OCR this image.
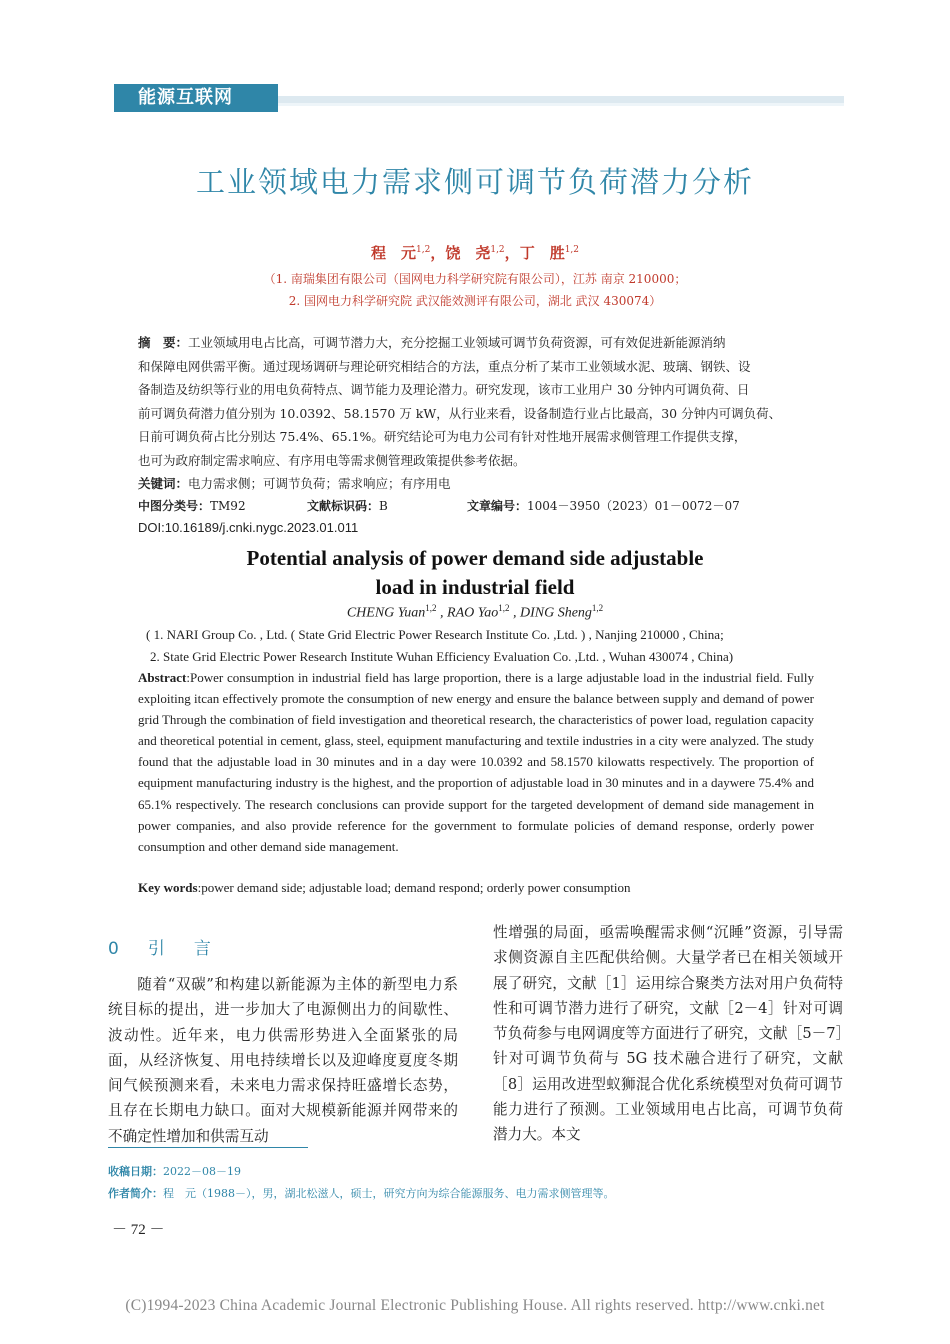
能源互联网
工业领域电力需求侧可调节负荷潜力分析
程　元$^{1,2}$，饶　尧$^{1,2}$，丁　胜$^{1,2}$
（1. 南瑞集团有限公司（国网电力科学研究院有限公司），江苏 南京 210000；
2. 国网电力科学研究院 武汉能效测评有限公司，湖北 武汉 430074）
摘　要：工业领域用电占比高，可调节潜力大，充分挖掘工业领域可调节负荷资源，可有效促进新能源消纳
和保障电网供需平衡。通过现场调研与理论研究相结合的方法，重点分析了某市工业领域水泥、玻璃、钢铁、设
备制造及纺织等行业的用电负荷特点、调节能力及理论潜力。研究发现，该市工业用户 30 分钟内可调负荷、日
前可调负荷潜力值分别为 10.0392、58.1570 万 kW，从行业来看，设备制造行业占比最高，30 分钟内可调负荷、
日前可调负荷占比分别达 75.4%、65.1%。研究结论可为电力公司有针对性地开展需求侧管理工作提供支撑，
也可为政府制定需求响应、有序用电等需求侧管理政策提供参考依据。
关键词：电力需求侧；可调节负荷；需求响应；有序用电
中图分类号：TM92	文献标识码：B	文章编号：1004－3950（2023）01－0072－07
DOI:10.16189/j.cnki.nygc.2023.01.011
Potential analysis of power demand side adjustable
load in industrial field
CHENG Yuan$^{1,2}$ , RAO Yao$^{1,2}$ , DING Sheng$^{1,2}$
( 1. NARI Group Co. , Ltd. ( State Grid Electric Power Research Institute Co. ,Ltd. ) , Nanjing 210000 , China;
2. State Grid Electric Power Research Institute Wuhan Efficiency Evaluation Co. ,Ltd. , Wuhan 430074 , China)
Abstract:Power consumption in industrial field has large proportion, there is a large adjustable load in the industrial field. Fully exploiting itcan effectively promote the consumption of new energy and ensure the balance between supply and demand of power grid Through the combination of field investigation and theoretical research, the characteristics of power load, regulation capacity and theoretical potential in cement, glass, steel, equipment manufacturing and textile industries in a city were analyzed. The study found that the adjustable load in 30 minutes and in a day were 10.0392 and 58.1570 kilowatts respectively. The proportion of equipment manufacturing industry is the highest, and the proportion of adjustable load in 30 minutes and in a daywere 75.4% and 65.1% respectively. The research conclusions can provide support for the targeted development of demand side management in power companies, and also provide reference for the government to formulate policies of demand response, orderly power consumption and other demand side management.
Key words:power demand side; adjustable load; demand respond; orderly power consumption
0　引　言
随着“双碳”和构建以新能源为主体的新型电力系统目标的提出，进一步加大了电源侧出力的间歇性、波动性。近年来，电力供需形势进入全面紧张的局面，从经济恢复、用电持续增长以及迎峰度夏度冬期间气候预测来看，未来电力需求保持旺盛增长态势，且存在长期电力缺口。面对大规模新能源并网带来的不确定性增加和供需互动
性增强的局面，亟需唤醒需求侧“沉睡”资源，引导需求侧资源自主匹配供给侧。大量学者已在相关领域开展了研究，文献［1］运用综合聚类方法对用户负荷特性和可调节潜力进行了研究，文献［2－4］针对可调节负荷参与电网调度等方面进行了研究，文献［5－7］针对可调节负荷与 5G 技术融合进行了研究，文献［8］运用改进型蚁狮混合优化系统模型对负荷可调节能力进行了预测。工业领域用电占比高，可调节负荷潜力大。本文
收稿日期：2022－08－19
作者简介：程　元（1988－），男，湖北松滋人，硕士，研究方向为综合能源服务、电力需求侧管理等。
－ 72 －
(C)1994-2023 China Academic Journal Electronic Publishing House. All rights reserved. http://www.cnki.net
